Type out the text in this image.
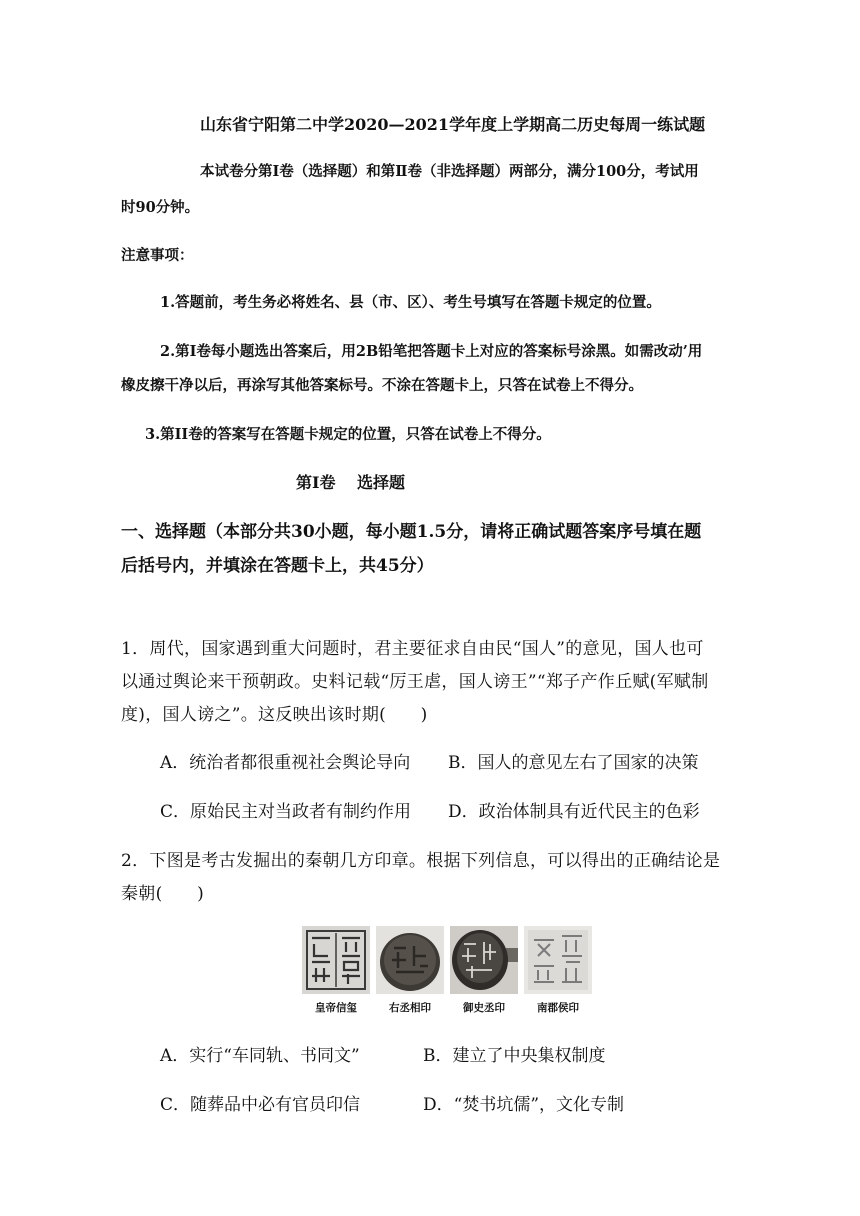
山东省宁阳第二中学2020—2021学年度上学期高二历史每周一练试题
本试卷分第Ⅰ卷（选择题）和第Ⅱ卷（非选择题）两部分，满分100分，考试用
时90分钟。
注意事项：
1.答题前，考生务必将姓名、县（市、区）、考生号填写在答题卡规定的位置。
2.第Ⅰ卷每小题选出答案后，用2B铅笔把答题卡上对应的答案标号涂黑。如需改动’用
橡皮擦干净以后，再涂写其他答案标号。不涂在答题卡上，只答在试卷上不得分。
3.第II卷的答案写在答题卡规定的位置，只答在试卷上不得分。
第Ⅰ卷　 选择题
一、选择题（本部分共30小题，每小题1.5分，请将正确试题答案序号填在题
后括号内，并填涂在答题卡上，共45分）
1．周代，国家遇到重大问题时，君主要征求自由民“国人”的意见，国人也可
以通过舆论来干预朝政。史料记载“厉王虐，国人谤王”“郑子产作丘赋(军赋制
度)，国人谤之”。这反映出该时期(　　)
A．统治者都很重视社会舆论导向 B．国人的意见左右了国家的决策
C．原始民主对当政者有制约作用 D．政治体制具有近代民主的色彩
2．下图是考古发掘出的秦朝几方印章。根据下列信息，可以得出的正确结论是
秦朝(　　)
皇帝信玺	右丞相印	御史丞印	南郡侯印
A．实行“车同轨、书同文”	B．建立了中央集权制度
C．随葬品中必有官员印信	D．“焚书坑儒”，文化专制
